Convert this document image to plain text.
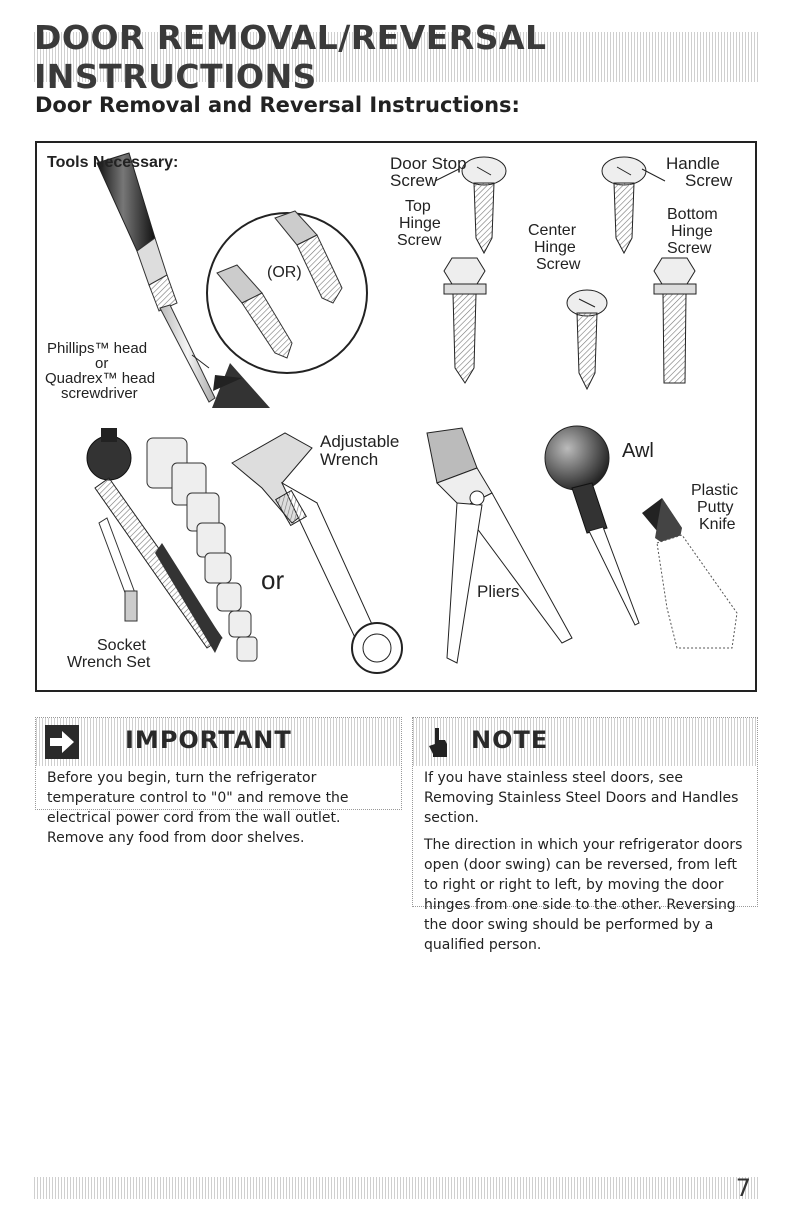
DOOR REMOVAL/REVERSAL INSTRUCTIONS
Door Removal and Reversal Instructions:
Tools Necessary:
Phillips™ head
or
Quadrex™ head
screwdriver
(OR)
Door Stop
Screw
Handle
Screw
Top
Hinge
Screw
Center
Hinge
Screw
Bottom
Hinge
Screw
Adjustable
Wrench
or
Socket
Wrench Set
Pliers
Awl
Plastic
Putty
Knife
IMPORTANT

Before you begin, turn the refrigerator temperature control to "0" and remove the electrical power cord from the wall outlet. Remove any food from door shelves.

NOTE

If you have stainless steel doors, see Removing Stainless Steel Doors and Handles section.

The direction in which your refrigerator doors open (door swing) can be reversed, from left to right or right to left, by moving the door hinges from one side to the other. Reversing the door swing should be performed by a qualified person.

7
